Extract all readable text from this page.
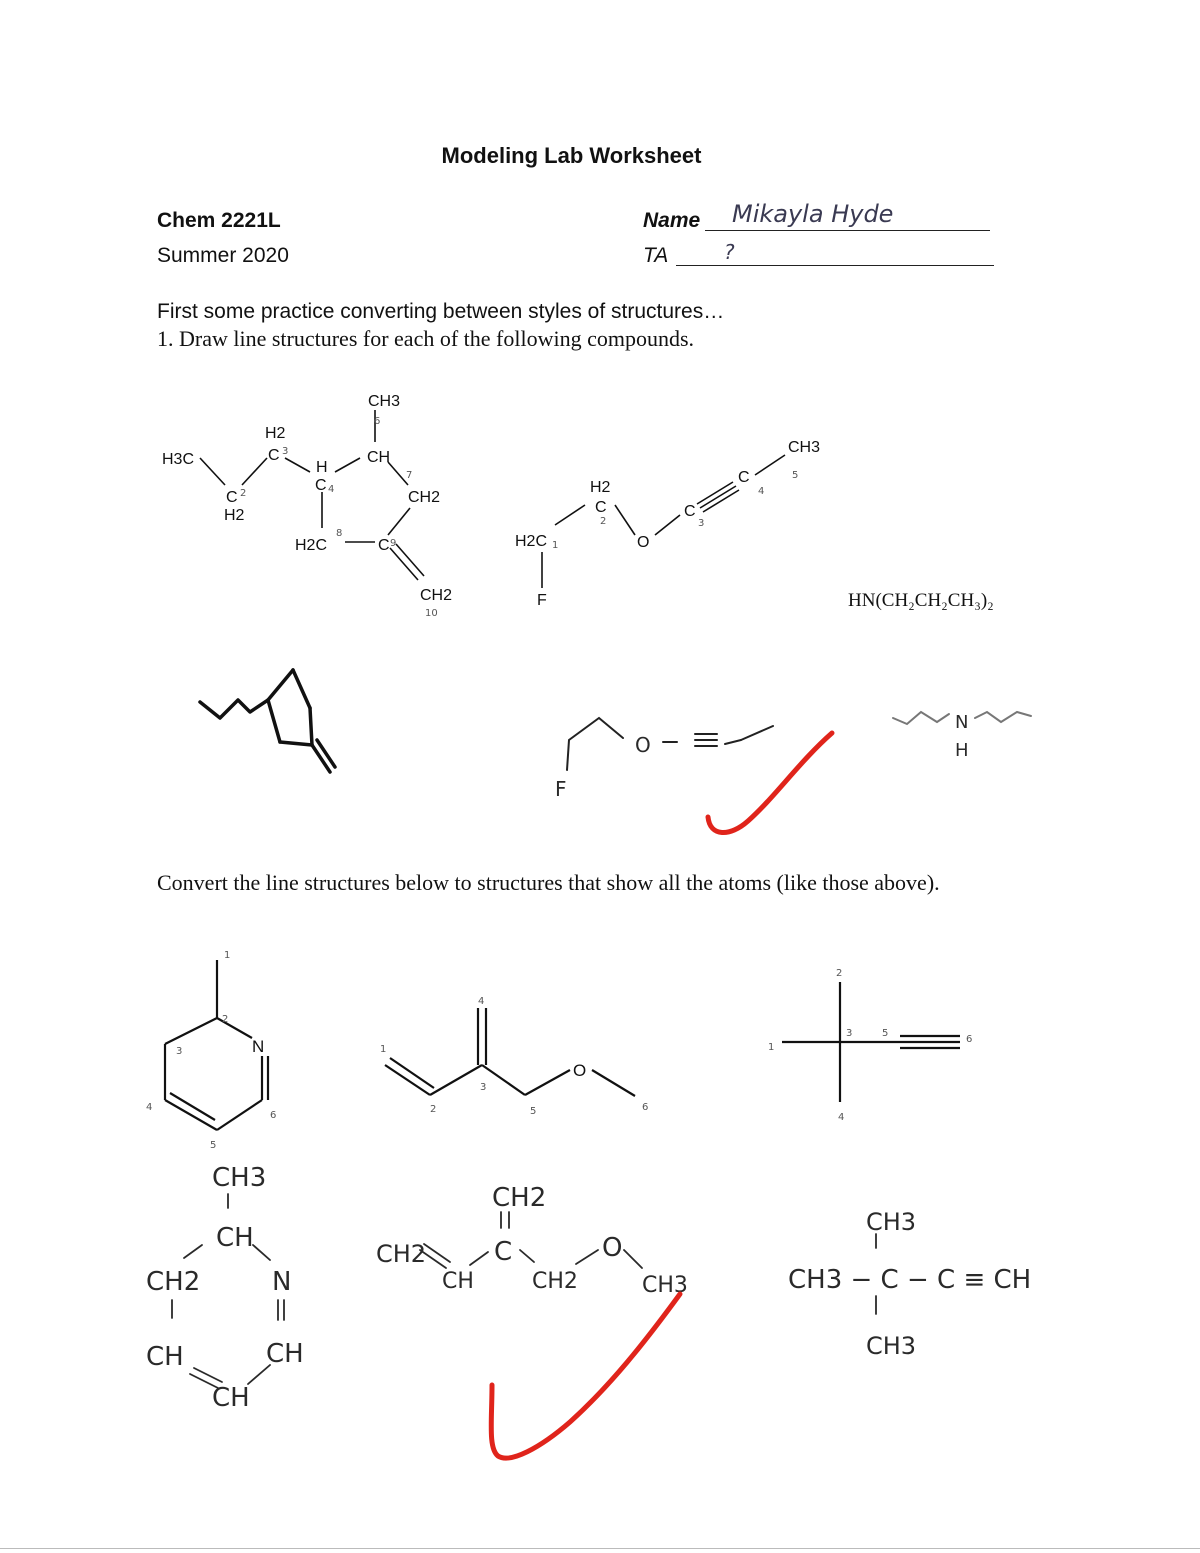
Modeling Lab Worksheet
Chem 2221L
Summer 2020
Name Mikayla Hyde
TA	?
First some practice converting between styles of structures…
1. Draw line structures for each of the following compounds.
CH3
H3C
C
H2
H2
C	CH
H
C
CH2
H2C	C
CH2
6
2
3
4
7
8
9
10
CH3
C
C
O
H2
C
H2C
F
5
4
3
2
1
HN(CH₂CH₂CH₃)₂
O
F
N
H
Convert the line structures below to structures that show all the atoms (like those above).
N
1
2
3
4
5
6
O
1
2
3
4
5	6
1
2
3
4
5
6
CH3
CH
CH2	N
CH	CH
CH
CH2
CH2
CH
C
CH2
O
CH3
CH3
CH3 − C − C ≡ CH
CH3
